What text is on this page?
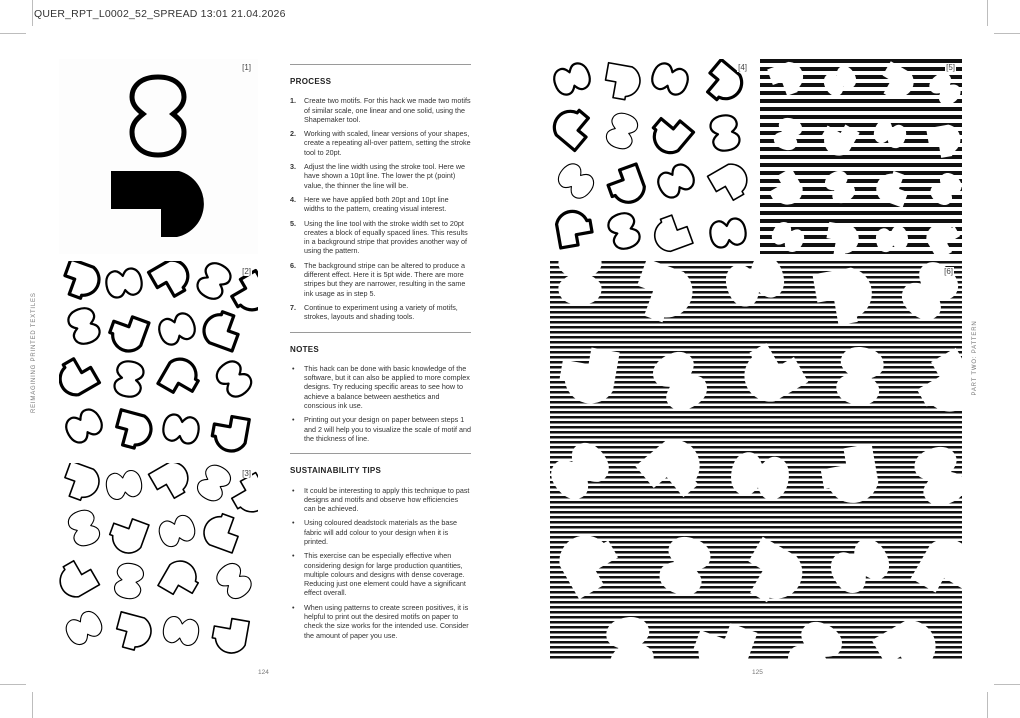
QUER_RPT_L0002_52_SPREAD 13:01 21.04.2026
[1]
[2]
[3]
PROCESS
1. Create two motifs. For this hack we made two motifs of similar scale, one linear and one solid, using the Shapemaker tool.
2. Working with scaled, linear versions of your shapes, create a repeating all-over pattern, setting the stroke tool to 20pt.
3. Adjust the line width using the stroke tool. Here we have shown a 10pt line. The lower the pt (point) value, the thinner the line will be.
4. Here we have applied both 20pt and 10pt line widths to the pattern, creating visual interest.
5. Using the line tool with the stroke width set to 20pt creates a block of equally spaced lines. This results in a background stripe that provides another way of using the pattern.
6. The background stripe can be altered to produce a different effect. Here it is 5pt wide. There are more stripes but they are narrower, resulting in the same ink usage as in step 5.
7. Continue to experiment using a variety of motifs, strokes, layouts and shading tools.
NOTES
• This hack can be done with basic knowledge of the software, but it can also be applied to more complex designs. Try reducing specific areas to see how to achieve a balance between aesthetics and conscious ink use.
• Printing out your design on paper between steps 1 and 2 will help you to visualize the scale of motif and the thickness of line.
SUSTAINABILITY TIPS
• It could be interesting to apply this technique to past designs and motifs and observe how efficiencies can be achieved.
• Using coloured deadstock materials as the base fabric will add colour to your design when it is printed.
• This exercise can be especially effective when considering design for large production quantities, multiple colours and designs with dense coverage. Reducing just one element could have a significant effect overall.
• When using patterns to create screen positives, it is helpful to print out the desired motifs on paper to check the size works for the intended use. Consider the amount of paper you use.
[4]	[5]
[6]
REIMAGINING PRINTED TEXTILES	PART TWO: PATTERN
124	125
